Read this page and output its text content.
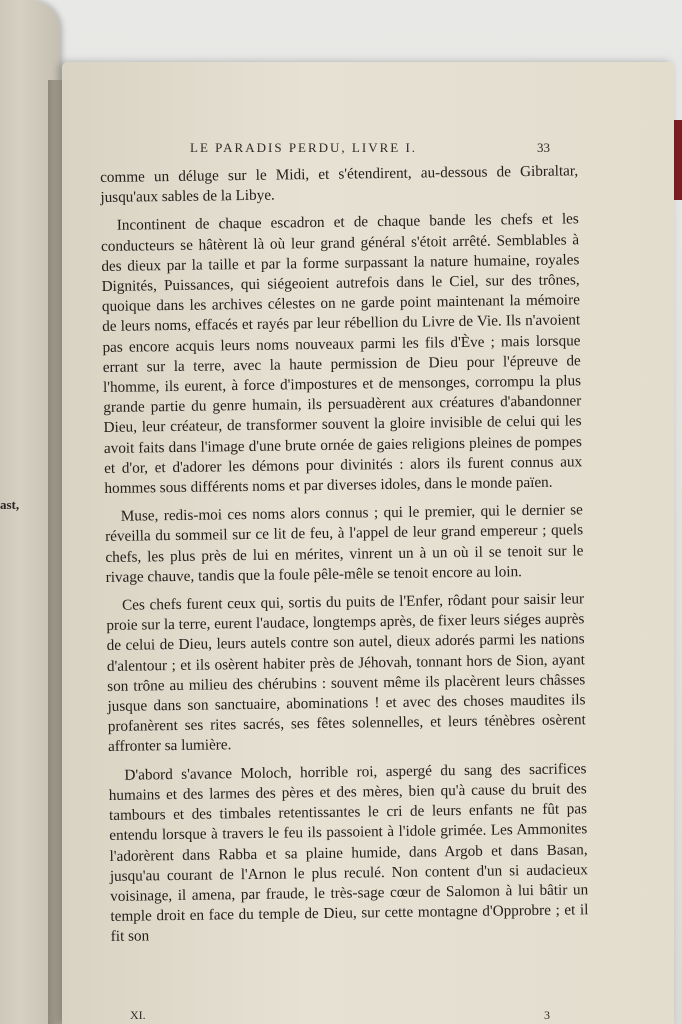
ast,
LE PARADIS PERDU, LIVRE I.	33

comme un déluge sur le Midi, et s'étendirent, au-dessous de Gibraltar, jusqu'aux sables de la Libye.

Incontinent de chaque escadron et de chaque bande les chefs et les conducteurs se hâtèrent là où leur grand général s'étoit arrêté. Semblables à des dieux par la taille et par la forme surpassant la nature humaine, royales Dignités, Puissances, qui siégeoient autrefois dans le Ciel, sur des trônes, quoique dans les archives célestes on ne garde point maintenant la mémoire de leurs noms, effacés et rayés par leur rébellion du Livre de Vie. Ils n'avoient pas encore acquis leurs noms nouveaux parmi les fils d'Ève ; mais lorsque errant sur la terre, avec la haute permission de Dieu pour l'épreuve de l'homme, ils eurent, à force d'impostures et de mensonges, corrompu la plus grande partie du genre humain, ils persuadèrent aux créatures d'abandonner Dieu, leur créateur, de transformer souvent la gloire invisible de celui qui les avoit faits dans l'image d'une brute ornée de gaies religions pleines de pompes et d'or, et d'adorer les démons pour divinités : alors ils furent connus aux hommes sous différents noms et par diverses idoles, dans le monde païen.

Muse, redis-moi ces noms alors connus ; qui le premier, qui le dernier se réveilla du sommeil sur ce lit de feu, à l'appel de leur grand empereur ; quels chefs, les plus près de lui en mérites, vinrent un à un où il se tenoit sur le rivage chauve, tandis que la foule pêle-mêle se tenoit encore au loin.

Ces chefs furent ceux qui, sortis du puits de l'Enfer, rôdant pour saisir leur proie sur la terre, eurent l'audace, longtemps après, de fixer leurs siéges auprès de celui de Dieu, leurs autels contre son autel, dieux adorés parmi les nations d'alentour ; et ils osèrent habiter près de Jéhovah, tonnant hors de Sion, ayant son trône au milieu des chérubins : souvent même ils placèrent leurs châsses jusque dans son sanctuaire, abominations ! et avec des choses maudites ils profanèrent ses rites sacrés, ses fêtes solennelles, et leurs ténèbres osèrent affronter sa lumière.

D'abord s'avance Moloch, horrible roi, aspergé du sang des sacrifices humains et des larmes des pères et des mères, bien qu'à cause du bruit des tambours et des timbales retentissantes le cri de leurs enfants ne fût pas entendu lorsque à travers le feu ils passoient à l'idole grimée. Les Ammonites l'adorèrent dans Rabba et sa plaine humide, dans Argob et dans Basan, jusqu'au courant de l'Arnon le plus reculé. Non content d'un si audacieux voisinage, il amena, par fraude, le très-sage cœur de Salomon à lui bâtir un temple droit en face du temple de Dieu, sur cette montagne d'Opprobre ; et il fit son

XI.	3
